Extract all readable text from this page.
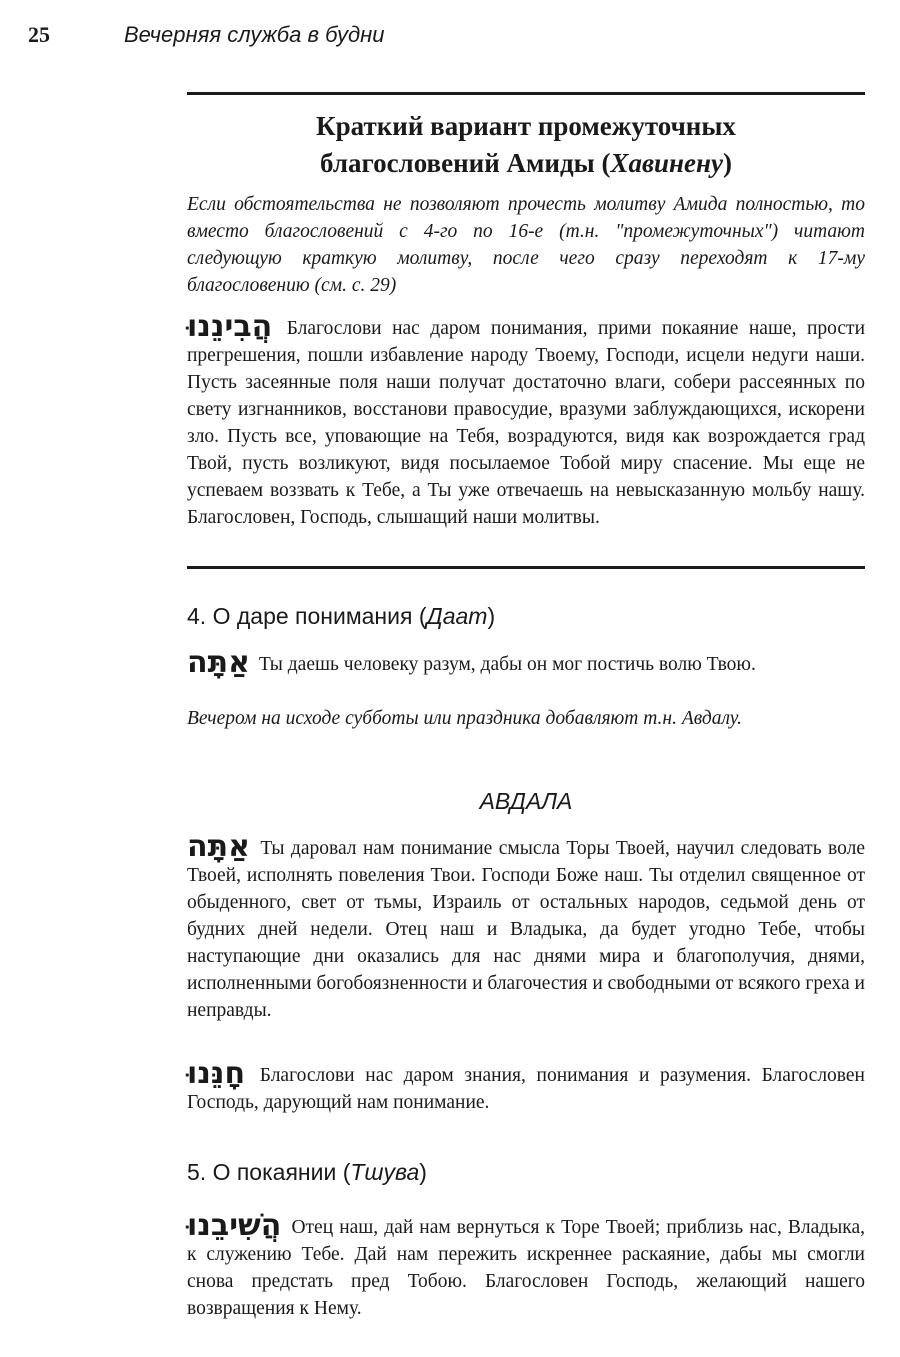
25	Вечерняя служба в будни
Краткий вариант промежуточных
благословений Амиды (Хавинену)
Если обстоятельства не позволяют прочесть молитву Амида полностью, то вместо благословений с 4-го по 16-е (т.н. "промежуточных") читают следующую краткую молитву, после чего сразу переходят к 17-му благословению (см. с. 29)
הֲבִינֵנוּ Благослови нас даром понимания, прими покаяние наше, прости прегрешения, пошли избавление народу Твоему, Господи, исцели недуги наши. Пусть засеянные поля наши получат достаточно влаги, собери рассеянных по свету изгнанников, восстанови правосудие, вразуми заблуждающихся, искорени зло. Пусть все, уповающие на Тебя, возрадуются, видя как возрождается град Твой, пусть возликуют, видя посылаемое Тобой миру спасение. Мы еще не успеваем воззвать к Тебе, а Ты уже отвечаешь на невысказанную мольбу нашу. Благословен, Господь, слышащий наши молитвы.
4. О даре понимания (Даат)
אַתָּה Ты даешь человеку разум, дабы он мог постичь волю Твою.
Вечером на исходе субботы или праздника добавляют т.н. Авдалу.
АВДАЛА
אַתָּה Ты даровал нам понимание смысла Торы Твоей, научил следовать воле Твоей, исполнять повеления Твои. Господи Боже наш. Ты отделил священное от обыденного, свет от тьмы, Израиль от остальных народов, седьмой день от будних дней недели. Отец наш и Владыка, да будет угодно Тебе, чтобы наступающие дни оказались для нас днями мира и благополучия, днями, исполненными богобоязненности и благочестия и свободными от всякого греха и неправды.
חָנֵּנוּ Благослови нас даром знания, понимания и разумения. Благословен Господь, дарующий нам понимание.
5. О покаянии (Тшува)
הֲשִׁיבֵנוּ Отец наш, дай нам вернуться к Торе Твоей; приблизь нас, Владыка, к служению Тебе. Дай нам пережить искреннее раскаяние, дабы мы смогли снова предстать пред Тобою. Благословен Господь, желающий нашего возвращения к Нему.
